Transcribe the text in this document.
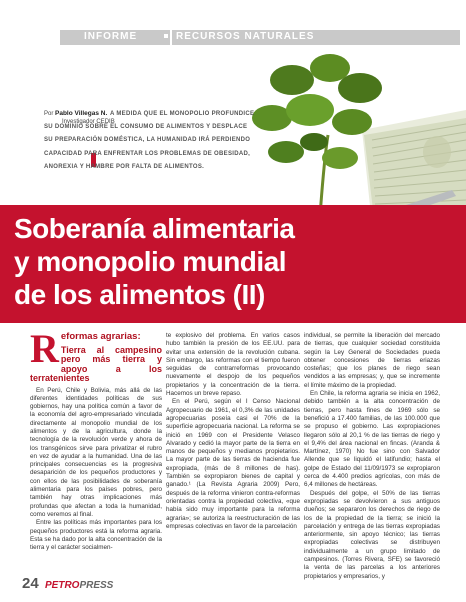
INFORME	RECURSOS NATURALES
Por Pablo Villegas N.
Investigador CEDIB
A MEDIDA QUE EL MONOPOLIO PROFUNDICE SU DOMINIO SOBRE EL CONSUMO DE ALIMENTOS Y DESPLACE SU PREPARACIÓN DOMÉSTICA, LA HUMANIDAD IRÁ PERDIENDO CAPACIDAD PARA ENFRENTAR LOS PROBLEMAS DE OBESIDAD, ANOREXIA Y HAMBRE POR FALTA DE ALIMENTOS.
Soberanía alimentaria
y monopolio mundial
de los alimentos (II)
R eformas agrarias:
Tierra al campesino pero más tierra y apoyo a los terratenientes

En Perú, Chile y Bolivia, más allá de las diferentes identidades políticas de sus gobiernos, hay una política común a favor de la economía del agro-empresariado vinculada directamente al monopolio mundial de los alimentos y de la agricultura, donde la tecnología de la revolución verde y ahora de los transgénicos sirve para privatizar el rubro en vez de ayudar a la humanidad. Una de las principales consecuencias es la progresiva desaparición de los pequeños productores y con ellos de las posibilidades de soberanía alimentaria para los países pobres, pero también hay otras implicaciones más profundas que afectan a toda la humanidad, como veremos al final.

Entre las políticas más importantes para los pequeños productores está la reforma agraria. Esta se ha dado por la alta concentración de la tierra y el carácter socialmen-

te explosivo del problema. En varios casos hubo también la presión de los EE.UU. para evitar una extensión de la revolución cubana. Sin embargo, las reformas con el tiempo fueron seguidas de contrarreformas provocando nuevamente el despojo de los pequeños propietarios y la concentración de la tierra. Hacemos un breve repaso.

En el Perú, según el I Censo Nacional Agropecuario de 1961, el 0,3% de las unidades agropecuarias poseía casi el 70% de la superficie agropecuaria nacional. La reforma se inició en 1969 con el Presidente Velasco Alvarado y cedió la mayor parte de la tierra en manos de pequeños y medianos propietarios. La mayor parte de las tierras de hacienda fue expropiada, (más de 8 millones de has). También se expropiaron bienes de capital y ganado.¹ (La Revista Agraria 2009) Pero, después de la reforma vinieron contra-reformas orientadas contra la propiedad colectiva, «que había sido muy importante para la reforma agraria»; se autoriza la reestructuración de las empresas colectivas en favor de la parcelación

individual, se permite la liberación del mercado de tierras, que cualquier sociedad constituida según la Ley General de Sociedades pueda obtener concesiones de tierras eriazas costeñas; que los planes de riego sean vendidos a las empresas; y, que se incremente el límite máximo de la propiedad.

En Chile, la reforma agraria se inicia en 1962, debido también a la alta concentración de tierras, pero hasta fines de 1969 sólo se benefició a 17.400 familias, de las 100.000 que se propuso el gobierno. Las expropiaciones llegaron sólo al 20,1 % de las tierras de riego y el 9,4% del área nacional en fincas. (Aranda & Martínez, 1970) No fue sino con Salvador Allende que se liquidó el latifundio; hasta el golpe de Estado del 11/09/1973 se expropiaron cerca de 4.400 predios agrícolas, con más de 6,4 millones de hectáreas.

Después del golpe, el 50% de las tierras expropiadas se devolvieron a sus antiguos dueños; se separaron los derechos de riego de los de la propiedad de la tierra; se inició la parcelación y entrega de las tierras expropiadas anteriormente, sin apoyo técnico; las tierras expropiadas colectivas se distribuyen individualmente a un grupo limitado de campesinos. (Torres Rivera, SFE) se favoreció la venta de las parcelas a los anteriores propietarios y empresarios, y

24 PETROPRESS
